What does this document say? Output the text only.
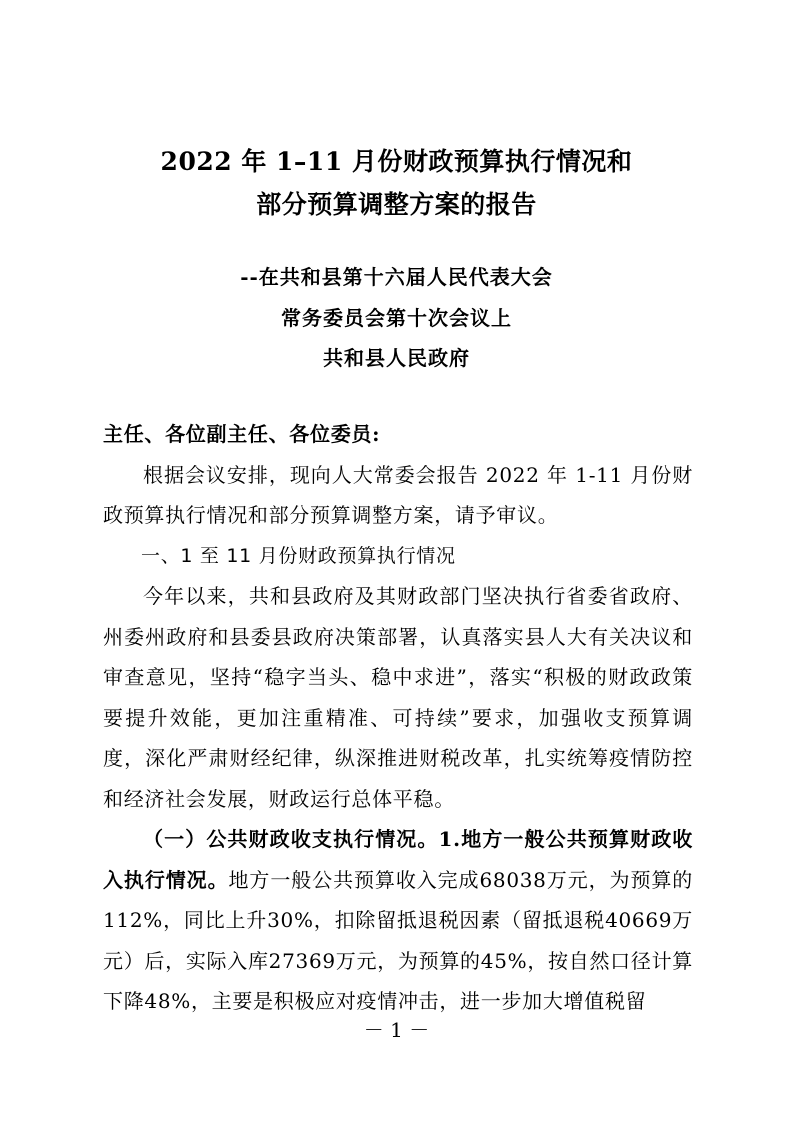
2022 年 1–11 月份财政预算执行情况和
部分预算调整方案的报告
--在共和县第十六届人民代表大会
常务委员会第十次会议上
共和县人民政府

主任、各位副主任、各位委员:

根据会议安排，现向人大常委会报告 2022 年 1-11 月份财政预算执行情况和部分预算调整方案，请予审议。

一、1 至 11 月份财政预算执行情况

今年以来，共和县政府及其财政部门坚决执行省委省政府、州委州政府和县委县政府决策部署，认真落实县人大有关决议和审查意见，坚持“稳字当头、稳中求进”，落实“积极的财政政策要提升效能，更加注重精准、可持续”要求，加强收支预算调度，深化严肃财经纪律，纵深推进财税改革，扎实统筹疫情防控和经济社会发展，财政运行总体平稳。

（一）公共财政收支执行情况。1.地方一般公共预算财政收入执行情况。地方一般公共预算收入完成68038万元，为预算的112%，同比上升30%，扣除留抵退税因素（留抵退税40669万元）后，实际入库27369万元，为预算的45%，按自然口径计算下降48%，主要是积极应对疫情冲击，进一步加大增值税留

－ 1 －
